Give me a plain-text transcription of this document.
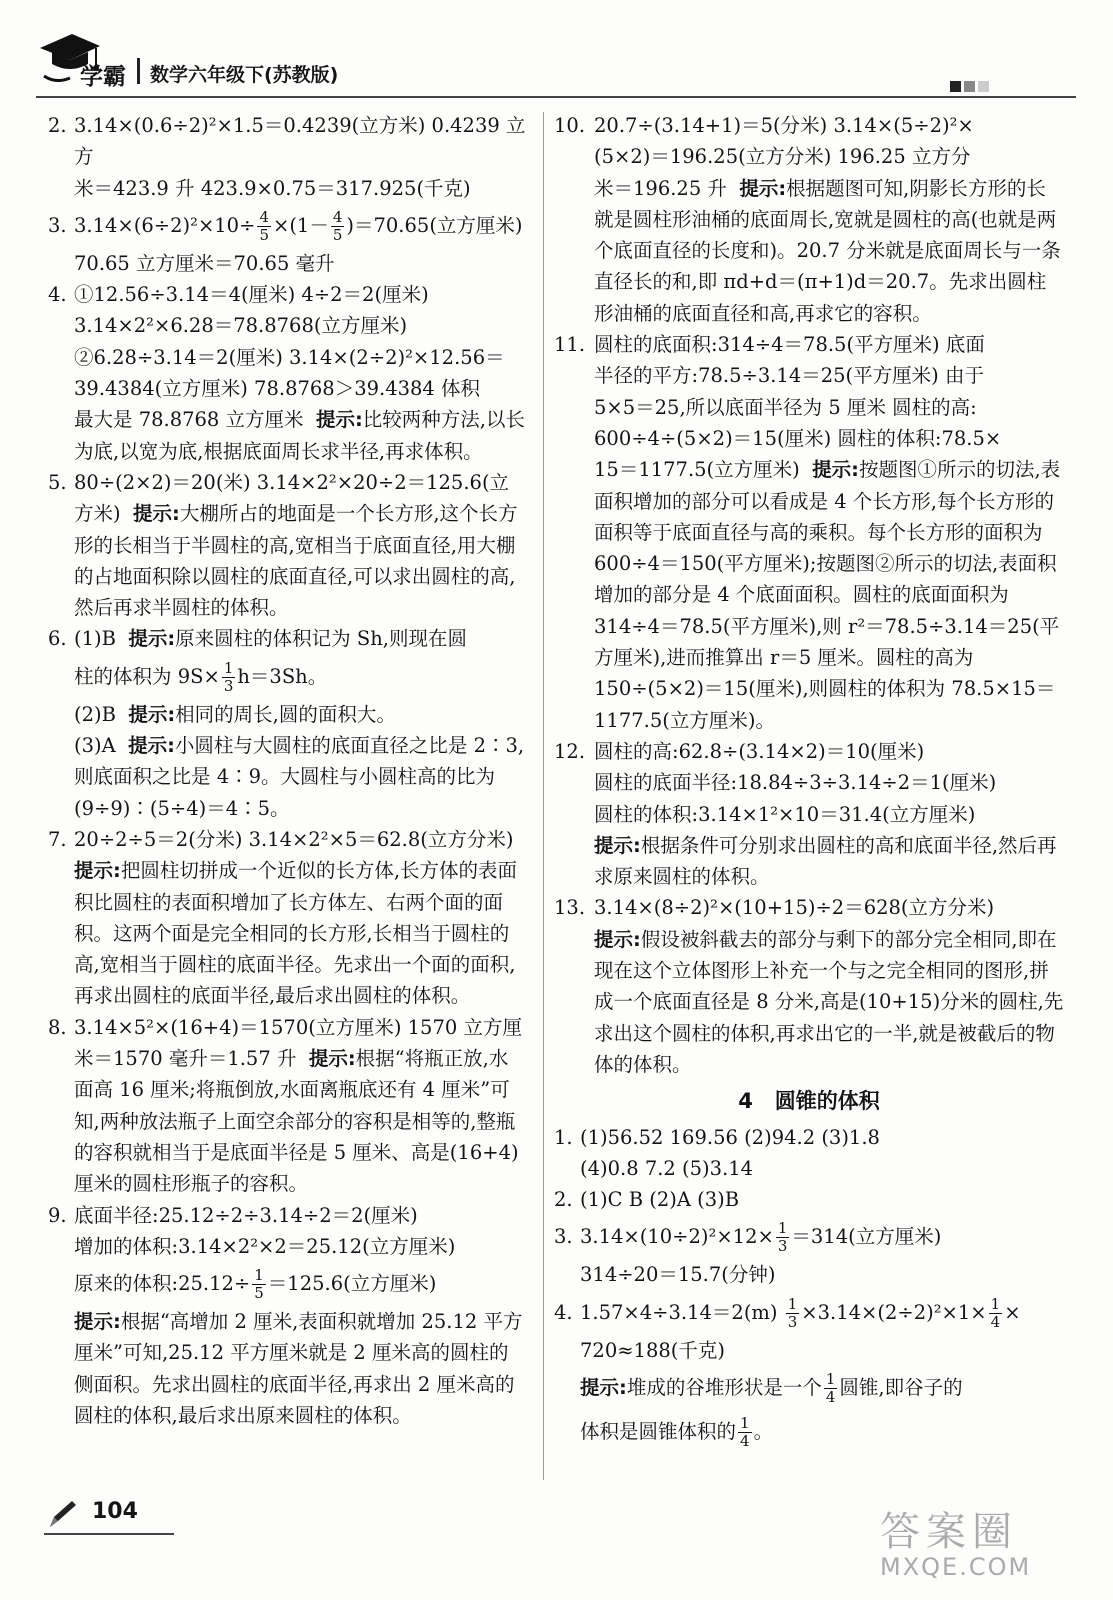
学霸 数学六年级下(苏教版)
2. 3.14×(0.6÷2)²×1.5＝0.4239(立方米) 0.4239 立方
米＝423.9 升 423.9×0.75＝317.925(千克)
3. $3.14\times(6\div 2)^2\times 10\div \frac{4}{5} \times(1- \frac{4}{5} )=70.65$(立方厘米)
70.65 立方厘米＝70.65 毫升
4. ①12.56÷3.14＝4(厘米) 4÷2＝2(厘米)
3.14×2²×6.28＝78.8768(立方厘米)
②6.28÷3.14＝2(厘米) 3.14×(2÷2)²×12.56＝
39.4384(立方厘米) 78.8768＞39.4384 体积
最大是 78.8768 立方厘米 提示:比较两种方法,以长为底,以宽为底,根据底面周长求半径,再求体积。
5. 80÷(2×2)＝20(米) 3.14×2²×20÷2＝125.6(立
方米) 提示:大棚所占的地面是一个长方形,这个长方形的长相当于半圆柱的高,宽相当于底面直径,用大棚的占地面积除以圆柱的底面直径,可以求出圆柱的高,然后再求半圆柱的体积。
6. (1)B  提示:原来圆柱的体积记为 Sh,则现在圆
柱的体积为 $9S\times \frac{1}{3} h=3Sh$。
(2)B  提示:相同的周长,圆的面积大。
(3)A  提示:小圆柱与大圆柱的底面直径之比是 2∶3,则底面积之比是 4∶9。大圆柱与小圆柱高的比为(9÷9)∶(5÷4)＝4∶5。
7. 20÷2÷5＝2(分米) 3.14×2²×5＝62.8(立方分米)
提示:把圆柱切拼成一个近似的长方体,长方体的表面积比圆柱的表面积增加了长方体左、右两个面的面积。这两个面是完全相同的长方形,长相当于圆柱的高,宽相当于圆柱的底面半径。先求出一个面的面积,再求出圆柱的底面半径,最后求出圆柱的体积。
8. 3.14×5²×(16+4)＝1570(立方厘米) 1570 立方厘
米＝1570 毫升＝1.57 升 提示:根据“将瓶正放,水面高 16 厘米;将瓶倒放,水面离瓶底还有 4 厘米”可知,两种放法瓶子上面空余部分的容积是相等的,整瓶的容积就相当于是底面半径是 5 厘米、高是(16+4)厘米的圆柱形瓶子的容积。
9. 底面半径:25.12÷2÷3.14÷2＝2(厘米)
增加的体积:3.14×2²×2＝25.12(立方厘米)
原来的体积:25.12÷ $\frac{1}{5} =125.6$(立方厘米)
提示:根据“高增加 2 厘米,表面积就增加 25.12 平方厘米”可知,25.12 平方厘米就是 2 厘米高的圆柱的侧面积。先求出圆柱的底面半径,再求出 2 厘米高的圆柱的体积,最后求出原来圆柱的体积。
10. 20.7÷(3.14+1)＝5(分米) 3.14×(5÷2)²×
(5×2)＝196.25(立方分米) 196.25 立方分
米＝196.25 升 提示:根据题图可知,阴影长方形的长就是圆柱形油桶的底面周长,宽就是圆柱的高(也就是两个底面直径的长度和)。20.7 分米就是底面周长与一条直径长的和,即 πd+d＝(π+1)d＝20.7。先求出圆柱形油桶的底面直径和高,再求它的容积。
11. 圆柱的底面积:314÷4＝78.5(平方厘米) 底面
半径的平方:78.5÷3.14＝25(平方厘米) 由于
5×5＝25,所以底面半径为 5 厘米 圆柱的高:
600÷4÷(5×2)＝15(厘米) 圆柱的体积:78.5×
15＝1177.5(立方厘米) 提示:按题图①所示的切法,表面积增加的部分可以看成是 4 个长方形,每个长方形的面积等于底面直径与高的乘积。每个长方形的面积为 600÷4＝150(平方厘米);按题图②所示的切法,表面积增加的部分是 4 个底面面积。圆柱的底面面积为 314÷4＝78.5(平方厘米),则 r²＝78.5÷3.14＝25(平方厘米),进而推算出 r＝5 厘米。圆柱的高为 150÷(5×2)＝15(厘米),则圆柱的体积为 78.5×15＝1177.5(立方厘米)。
12. 圆柱的高:62.8÷(3.14×2)＝10(厘米)
圆柱的底面半径:18.84÷3÷3.14÷2＝1(厘米)
圆柱的体积:3.14×1²×10＝31.4(立方厘米)
提示:根据条件可分别求出圆柱的高和底面半径,然后再求原来圆柱的体积。
13. 3.14×(8÷2)²×(10+15)÷2＝628(立方分米)
提示:假设被斜截去的部分与剩下的部分完全相同,即在现在这个立体图形上补充一个与之完全相同的图形,拼成一个底面直径是 8 分米,高是(10+15)分米的圆柱,先求出这个圆柱的体积,再求出它的一半,就是被截后的物体的体积。
4 圆锥的体积
1. (1)56.52 169.56 (2)94.2 (3)1.8
(4)0.8 7.2 (5)3.14
2. (1)C B (2)A (3)B
3. $3.14\times(10\div 2)^2\times 12\times \frac{1}{3} =314$(立方厘米)
314÷20＝15.7(分钟)
4. $1.57\times 4\div 3.14=2(m) \frac{1}{3} \times 3.14\times(2\div 2)^2\times 1\times \frac{1}{4}$ ×
720≈188(千克)
提示:堆成的谷堆形状是一个 $\frac{1}{4}$ 圆锥,即谷子的
体积是圆锥体积的 $\frac{1}{4}$ 。
104	答案圈
MXQE.COM
